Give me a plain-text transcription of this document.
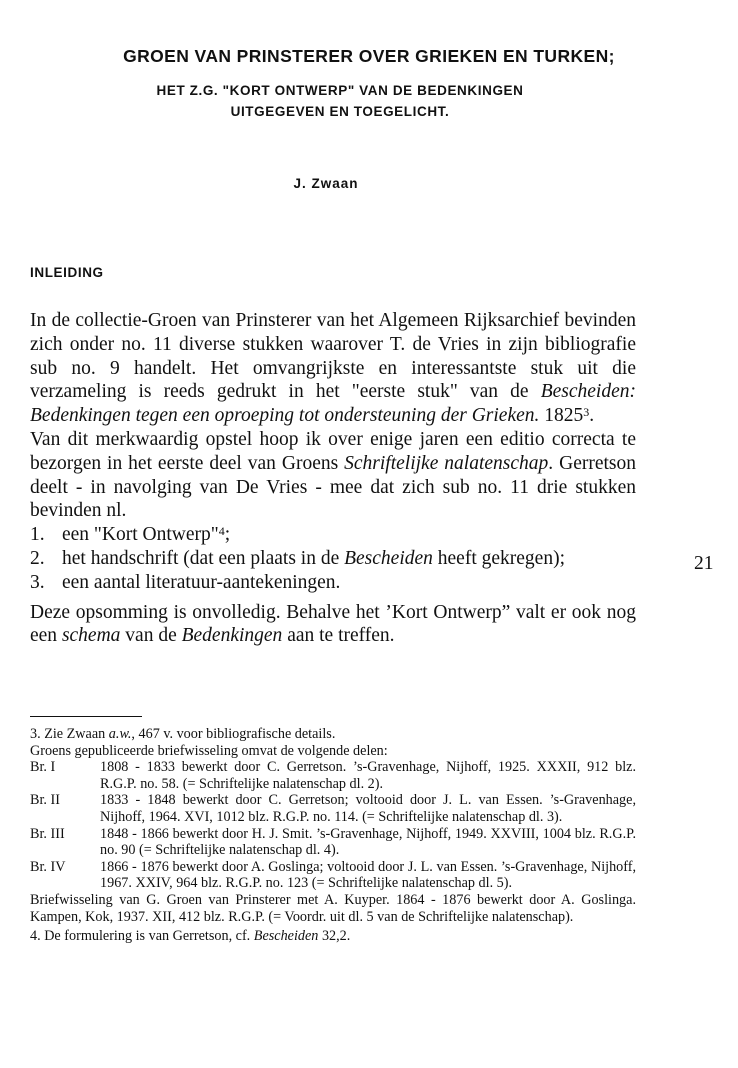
GROEN VAN PRINSTERER OVER GRIEKEN EN TURKEN;
HET Z.G. "KORT ONTWERP" VAN DE BEDENKINGEN
UITGEGEVEN EN TOEGELICHT.
J. Zwaan
INLEIDING

In de collectie-Groen van Prinsterer van het Algemeen Rijksarchief bevinden zich onder no. 11 diverse stukken waarover T. de Vries in zijn bibliografie sub no. 9 handelt. Het omvangrijkste en interessantste stuk uit die verzameling is reeds gedrukt in het "eerste stuk" van de Bescheiden: Bedenkingen tegen een oproeping tot ondersteuning der Grieken. 1825$^3$.

Van dit merkwaardig opstel hoop ik over enige jaren een editio correcta te bezorgen in het eerste deel van Groens Schriftelijke nalatenschap. Gerretson deelt - in navolging van De Vries - mee dat zich sub no. 11 drie stukken bevinden nl.

1. een "Kort Ontwerp"$^4$;
2. het handschrift (dat een plaats in de Bescheiden heeft gekregen);
3. een aantal literatuur-aantekeningen.

Deze opsomming is onvolledig. Behalve het ’Kort Ontwerp” valt er ook nog een schema van de Bedenkingen aan te treffen.

21

3. Zie Zwaan a.w., 467 v. voor bibliografische details.

Groens gepubliceerde briefwisseling omvat de volgende delen:

Br. I	1808 - 1833 bewerkt door C. Gerretson. ’s-Gravenhage, Nijhoff, 1925. XXXII, 912 blz. R.G.P. no. 58. (= Schriftelijke nalatenschap dl. 2).
Br. II	1833 - 1848 bewerkt door C. Gerretson; voltooid door J. L. van Essen. ’s-Gravenhage, Nijhoff, 1964. XVI, 1012 blz. R.G.P. no. 114. (= Schriftelijke nalatenschap dl. 3).
Br. III	1848 - 1866 bewerkt door H. J. Smit. ’s-Gravenhage, Nijhoff, 1949. XXVIII, 1004 blz. R.G.P. no. 90 (= Schriftelijke nalatenschap dl. 4).
Br. IV	1866 - 1876 bewerkt door A. Goslinga; voltooid door J. L. van Essen. ’s-Gravenhage, Nijhoff, 1967. XXIV, 964 blz. R.G.P. no. 123 (= Schriftelijke nalatenschap dl. 5).

Briefwisseling van G. Groen van Prinsterer met A. Kuyper. 1864 - 1876 bewerkt door A. Goslinga. Kampen, Kok, 1937. XII, 412 blz. R.G.P. (= Voordr. uit dl. 5 van de Schriftelijke nalatenschap).

4. De formulering is van Gerretson, cf. Bescheiden 32,2.
